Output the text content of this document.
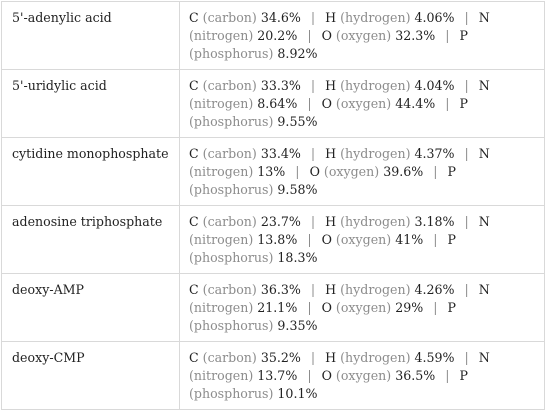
5'-adenylic acid	C (carbon) 34.6% | H (hydrogen) 4.06% | N (nitrogen) 20.2% | O (oxygen) 32.3% | P (phosphorus) 8.92%
5'-uridylic acid	C (carbon) 33.3% | H (hydrogen) 4.04% | N (nitrogen) 8.64% | O (oxygen) 44.4% | P (phosphorus) 9.55%
cytidine monophosphate	C (carbon) 33.4% | H (hydrogen) 4.37% | N (nitrogen) 13% | O (oxygen) 39.6% | P (phosphorus) 9.58%
adenosine triphosphate	C (carbon) 23.7% | H (hydrogen) 3.18% | N (nitrogen) 13.8% | O (oxygen) 41% | P (phosphorus) 18.3%
deoxy-AMP	C (carbon) 36.3% | H (hydrogen) 4.26% | N (nitrogen) 21.1% | O (oxygen) 29% | P (phosphorus) 9.35%
deoxy-CMP	C (carbon) 35.2% | H (hydrogen) 4.59% | N (nitrogen) 13.7% | O (oxygen) 36.5% | P (phosphorus) 10.1%
